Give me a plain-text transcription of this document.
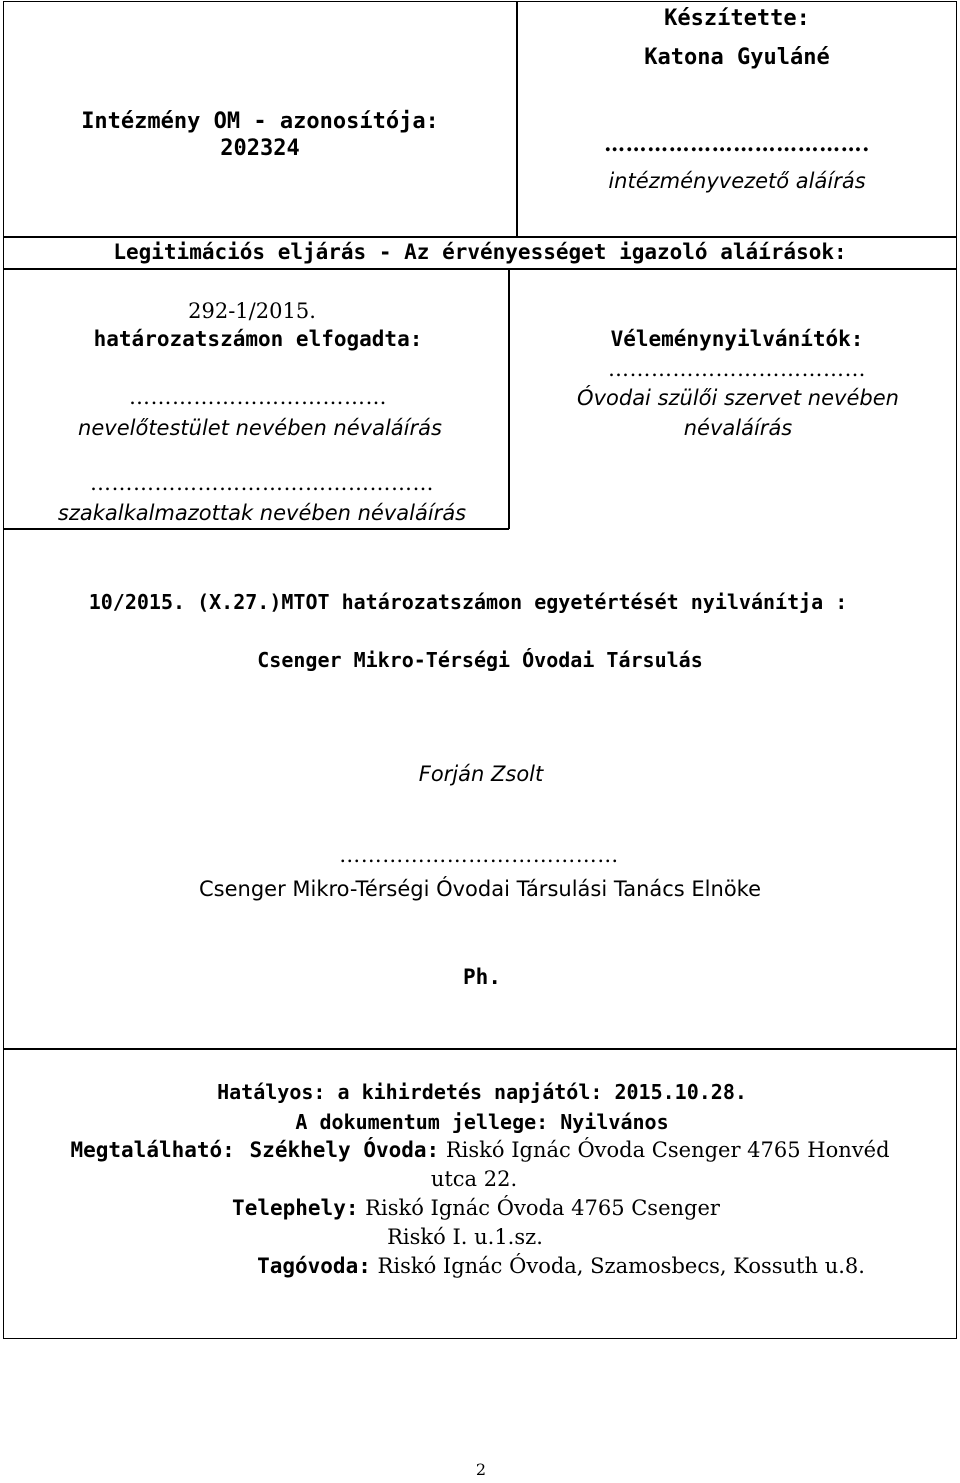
Intézmény OM - azonosítója:
202324
Készítette:
Katona Gyuláné
……………………………….
intézményvezető aláírás
Legitimációs eljárás - Az érvényességet igazoló aláírások:
292-1/2015.
határozatszámon elfogadta:
………………………………
nevelőtestület nevében névaláírás
Véleménynyilvánítók:
………………………………
Óvodai szülői szervet nevében
névaláírás
…………………………………………
szakalkalmazottak nevében névaláírás
10/2015. (X.27.)MTOT határozatszámon egyetértését nyilvánítja :
Csenger Mikro-Térségi Óvodai Társulás
Forján Zsolt
…………………………………
Csenger Mikro-Térségi Óvodai Társulási Tanács Elnöke
Ph.
Hatályos: a kihirdetés napjától: 2015.10.28.
A dokumentum jellege: Nyilvános
Megtalálható: Székhely Óvoda: Riskó Ignác Óvoda Csenger 4765 Honvéd
utca 22.
Telephely: Riskó Ignác Óvoda 4765 Csenger
Riskó I. u.1.sz.
Tagóvoda: Riskó Ignác Óvoda, Szamosbecs, Kossuth u.8.
2
